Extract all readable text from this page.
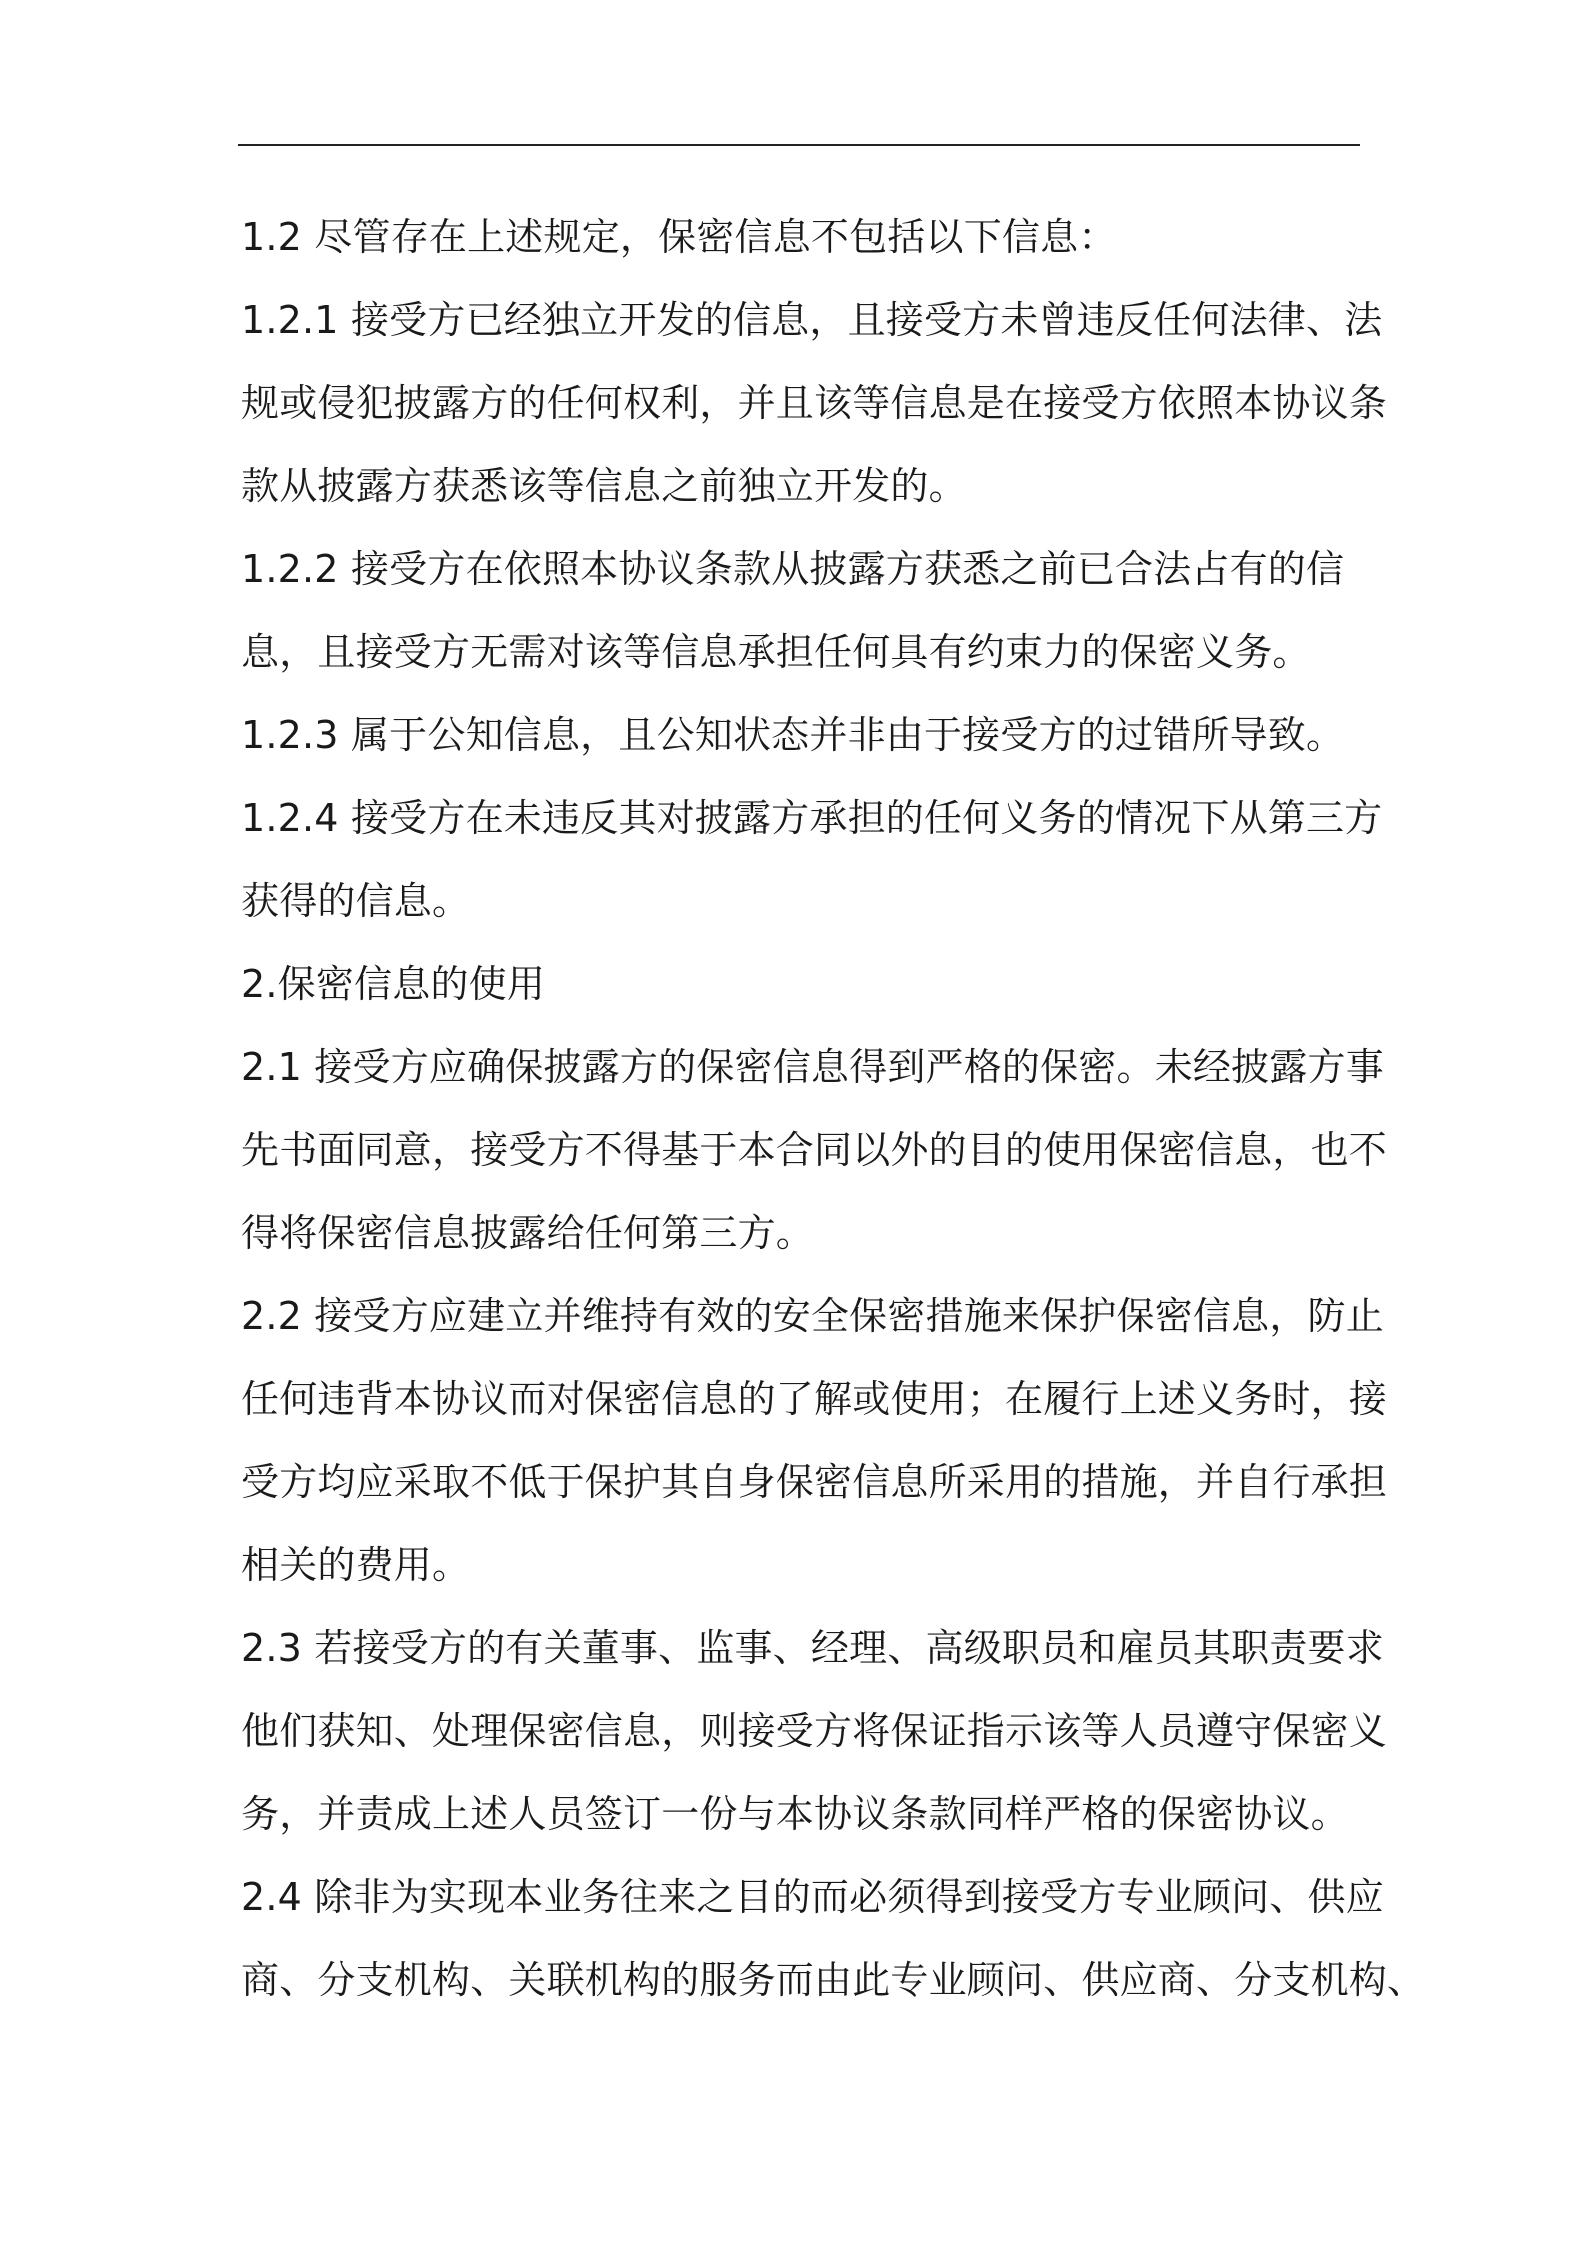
1.2 尽管存在上述规定，保密信息不包括以下信息：

1.2.1 接受方已经独立开发的信息，且接受方未曾违反任何法律、法
规或侵犯披露方的任何权利，并且该等信息是在接受方依照本协议条
款从披露方获悉该等信息之前独立开发的。

1.2.2 接受方在依照本协议条款从披露方获悉之前已合法占有的信
息，且接受方无需对该等信息承担任何具有约束力的保密义务。

1.2.3 属于公知信息，且公知状态并非由于接受方的过错所导致。

1.2.4 接受方在未违反其对披露方承担的任何义务的情况下从第三方
获得的信息。

2.保密信息的使用

2.1 接受方应确保披露方的保密信息得到严格的保密。未经披露方事
先书面同意，接受方不得基于本合同以外的目的使用保密信息，也不
得将保密信息披露给任何第三方。

2.2 接受方应建立并维持有效的安全保密措施来保护保密信息，防止
任何违背本协议而对保密信息的了解或使用；在履行上述义务时，接
受方均应采取不低于保护其自身保密信息所采用的措施，并自行承担
相关的费用。

2.3 若接受方的有关董事、监事、经理、高级职员和雇员其职责要求
他们获知、处理保密信息，则接受方将保证指示该等人员遵守保密义
务，并责成上述人员签订一份与本协议条款同样严格的保密协议。

2.4 除非为实现本业务往来之目的而必须得到接受方专业顾问、供应
商、分支机构、关联机构的服务而由此专业顾问、供应商、分支机构、
